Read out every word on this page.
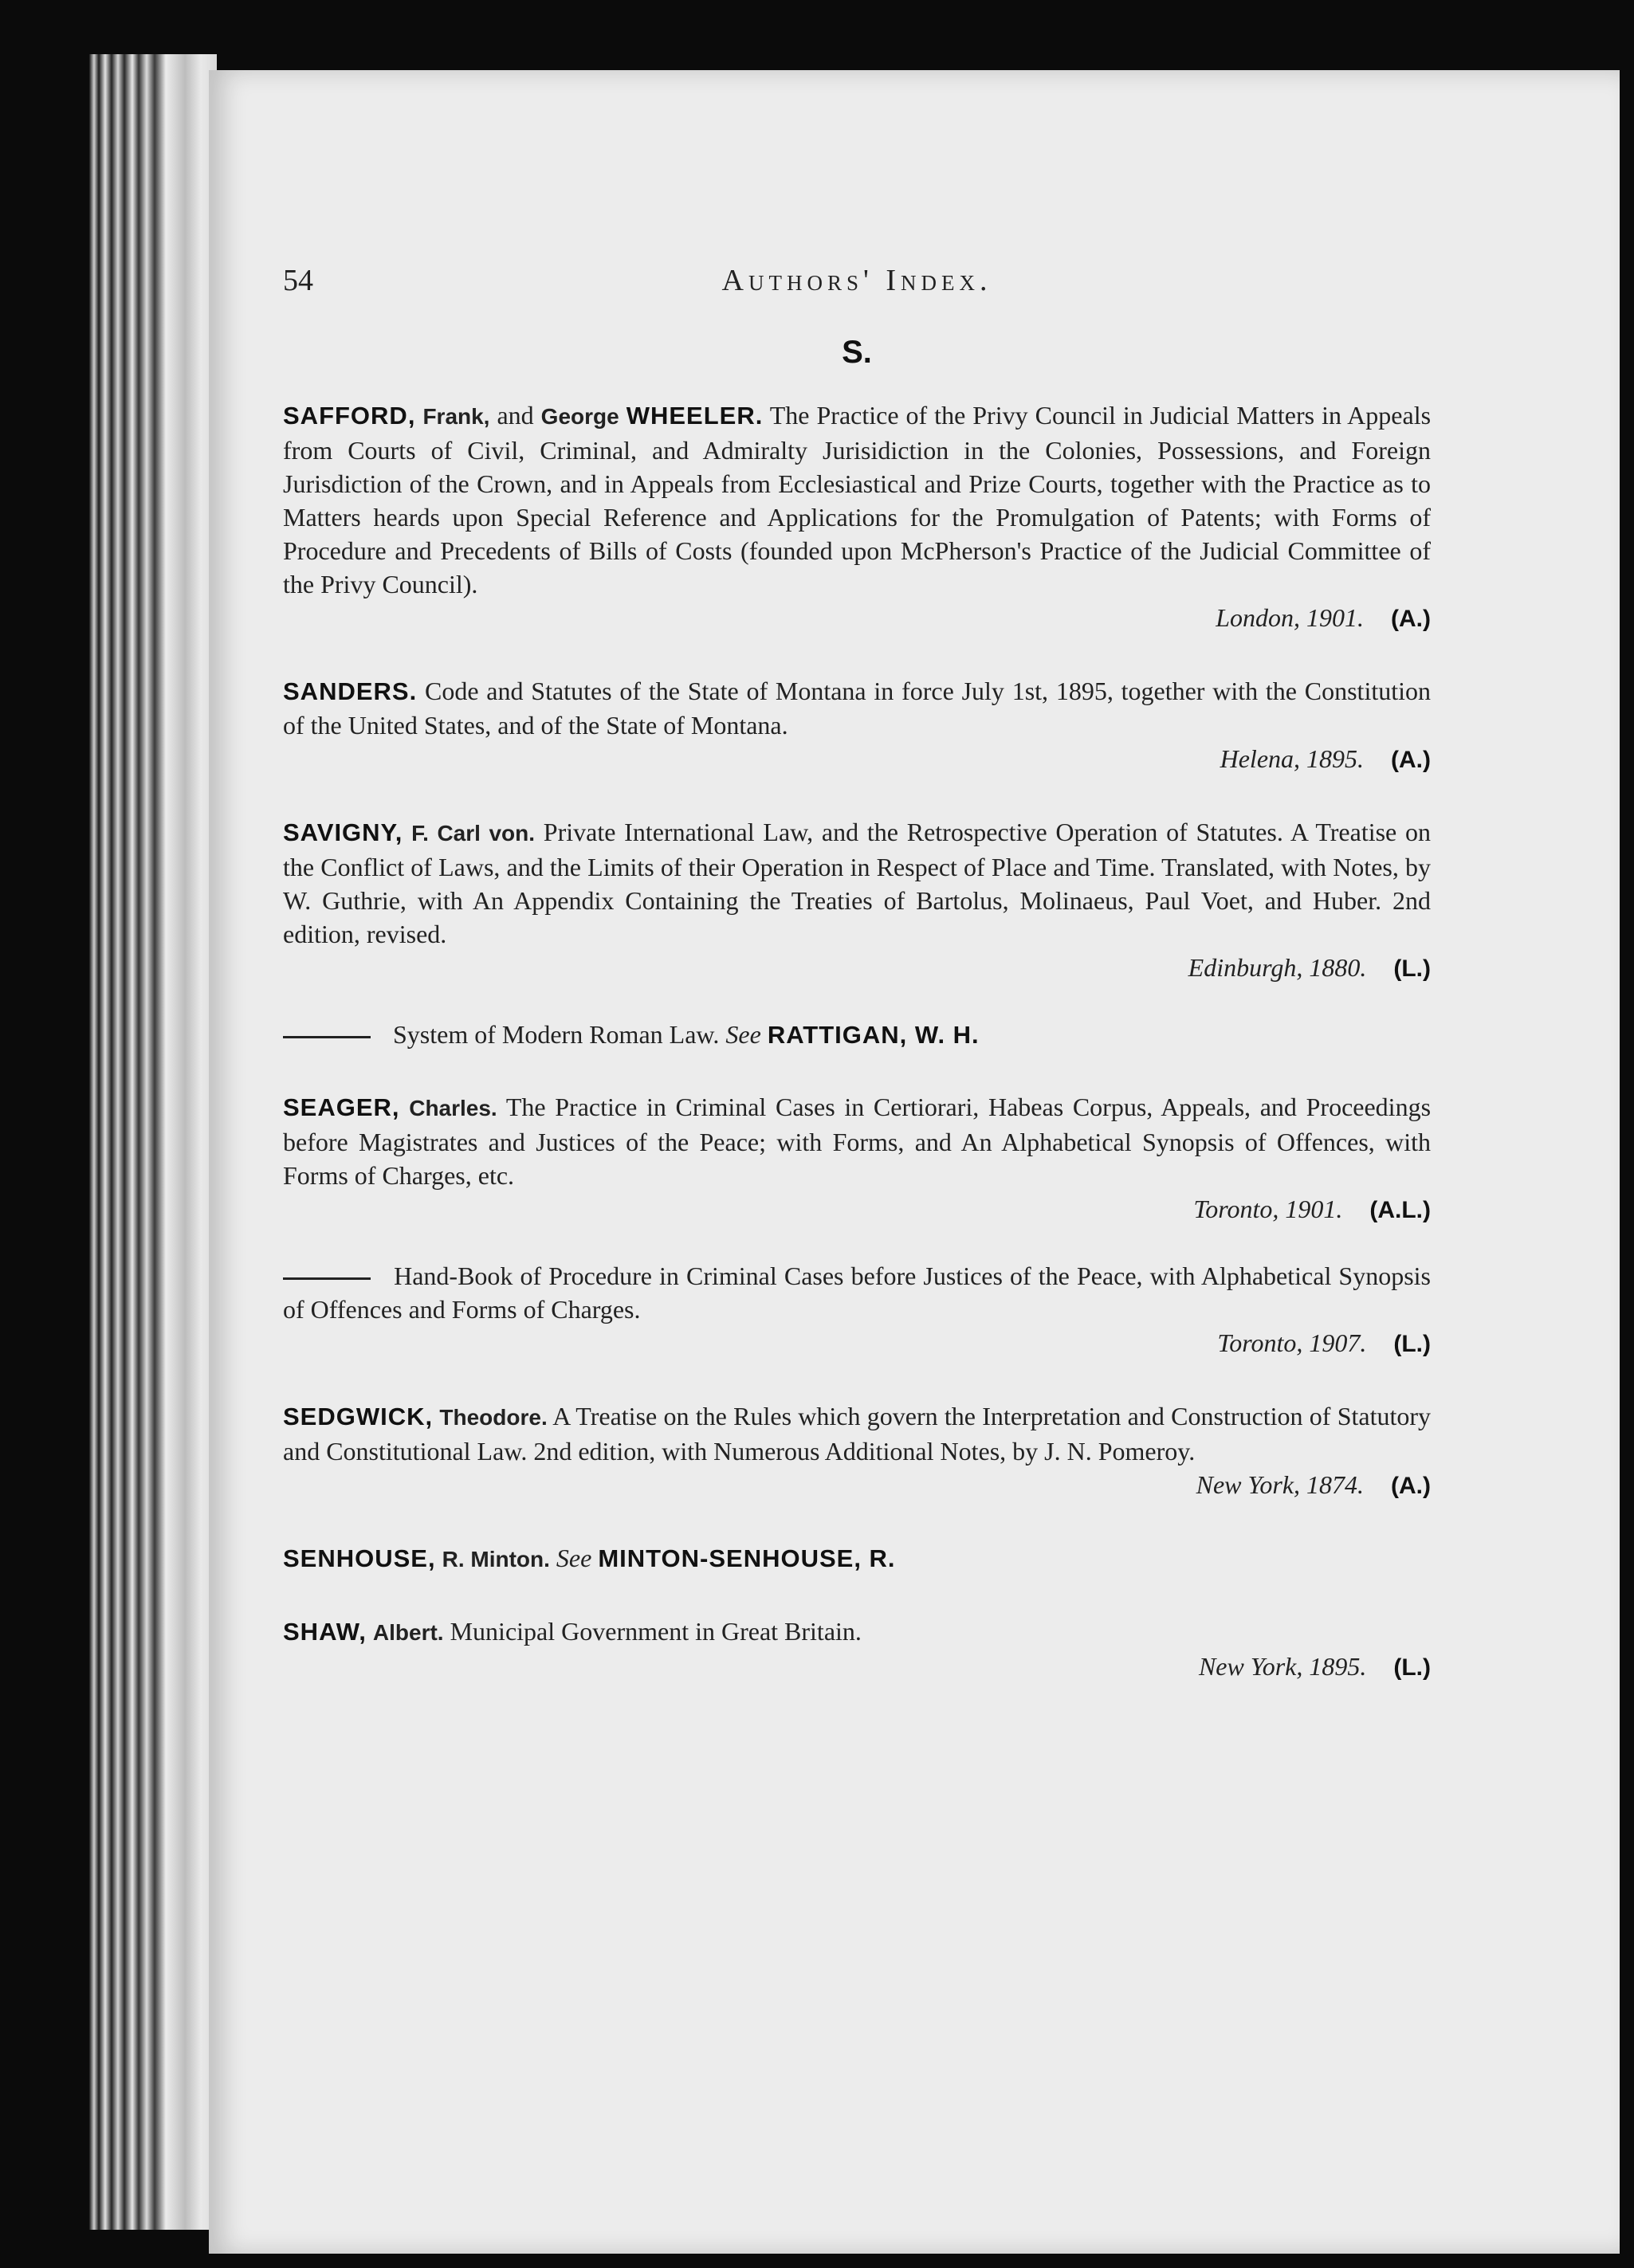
54	Authors' Index.
S.
SAFFORD, Frank, and George WHEELER. The Practice of the Privy Council in Judicial Matters in Appeals from Courts of Civil, Criminal, and Admiralty Jurisidiction in the Colonies, Possessions, and Foreign Jurisdiction of the Crown, and in Appeals from Ecclesiastical and Prize Courts, together with the Practice as to Matters heards upon Special Reference and Applications for the Promulgation of Patents; with Forms of Procedure and Precedents of Bills of Costs (founded upon McPherson's Practice of the Judicial Committee of the Privy Council).
London, 1901. (A.)
SANDERS. Code and Statutes of the State of Montana in force July 1st, 1895, together with the Constitution of the United States, and of the State of Montana.
Helena, 1895. (A.)
SAVIGNY, F. Carl von. Private International Law, and the Retrospective Operation of Statutes. A Treatise on the Conflict of Laws, and the Limits of their Operation in Respect of Place and Time. Translated, with Notes, by W. Guthrie, with An Appendix Containing the Treaties of Bartolus, Molinaeus, Paul Voet, and Huber. 2nd edition, revised.
Edinburgh, 1880. (L.)
System of Modern Roman Law. See RATTIGAN, W. H.
SEAGER, Charles. The Practice in Criminal Cases in Certiorari, Habeas Corpus, Appeals, and Proceedings before Magistrates and Justices of the Peace; with Forms, and An Alphabetical Synopsis of Offences, with Forms of Charges, etc.
Toronto, 1901. (A.L.)
Hand-Book of Procedure in Criminal Cases before Justices of the Peace, with Alphabetical Synopsis of Offences and Forms of Charges.
Toronto, 1907. (L.)
SEDGWICK, Theodore. A Treatise on the Rules which govern the Interpretation and Construction of Statutory and Constitutional Law. 2nd edition, with Numerous Additional Notes, by J. N. Pomeroy.
New York, 1874. (A.)
SENHOUSE, R. Minton. See MINTON-SENHOUSE, R.
SHAW, Albert. Municipal Government in Great Britain.
New York, 1895. (L.)
